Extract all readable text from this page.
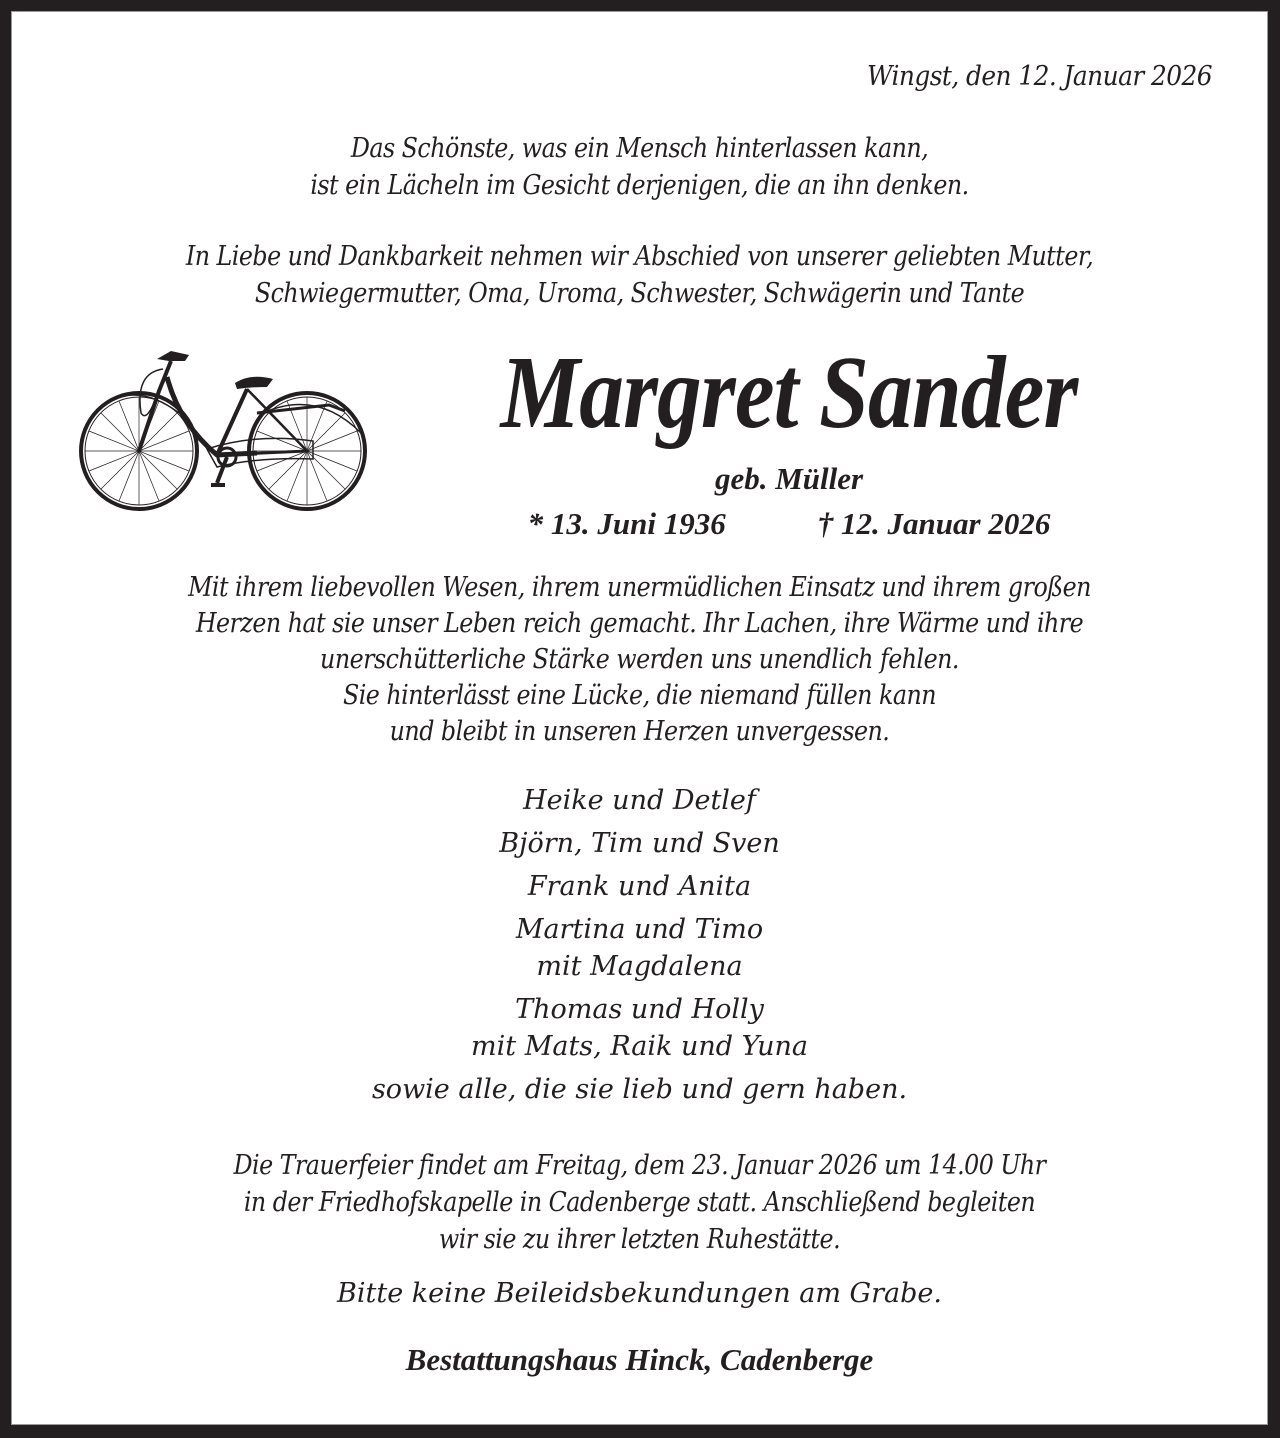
Wingst, den 12. Januar 2026
Das Schönste, was ein Mensch hinterlassen kann,
ist ein Lächeln im Gesicht derjenigen, die an ihn denken.
In Liebe und Dankbarkeit nehmen wir Abschied von unserer geliebten Mutter,
Schwiegermutter, Oma, Uroma, Schwester, Schwägerin und Tante
Margret Sander
geb. Müller
* 13. Juni 1936	† 12. Januar 2026
Mit ihrem liebevollen Wesen, ihrem unermüdlichen Einsatz und ihrem großen
Herzen hat sie unser Leben reich gemacht. Ihr Lachen, ihre Wärme und ihre
unerschütterliche Stärke werden uns unendlich fehlen.
Sie hinterlässt eine Lücke, die niemand füllen kann
und bleibt in unseren Herzen unvergessen.
Heike und Detlef
Björn, Tim und Sven
Frank und Anita
Martina und Timo
mit Magdalena
Thomas und Holly
mit Mats, Raik und Yuna
sowie alle, die sie lieb und gern haben.
Die Trauerfeier findet am Freitag, dem 23. Januar 2026 um 14.00 Uhr
in der Friedhofskapelle in Cadenberge statt. Anschließend begleiten
wir sie zu ihrer letzten Ruhestätte.
Bitte keine Beileidsbekundungen am Grabe.
Bestattungshaus Hinck, Cadenberge
